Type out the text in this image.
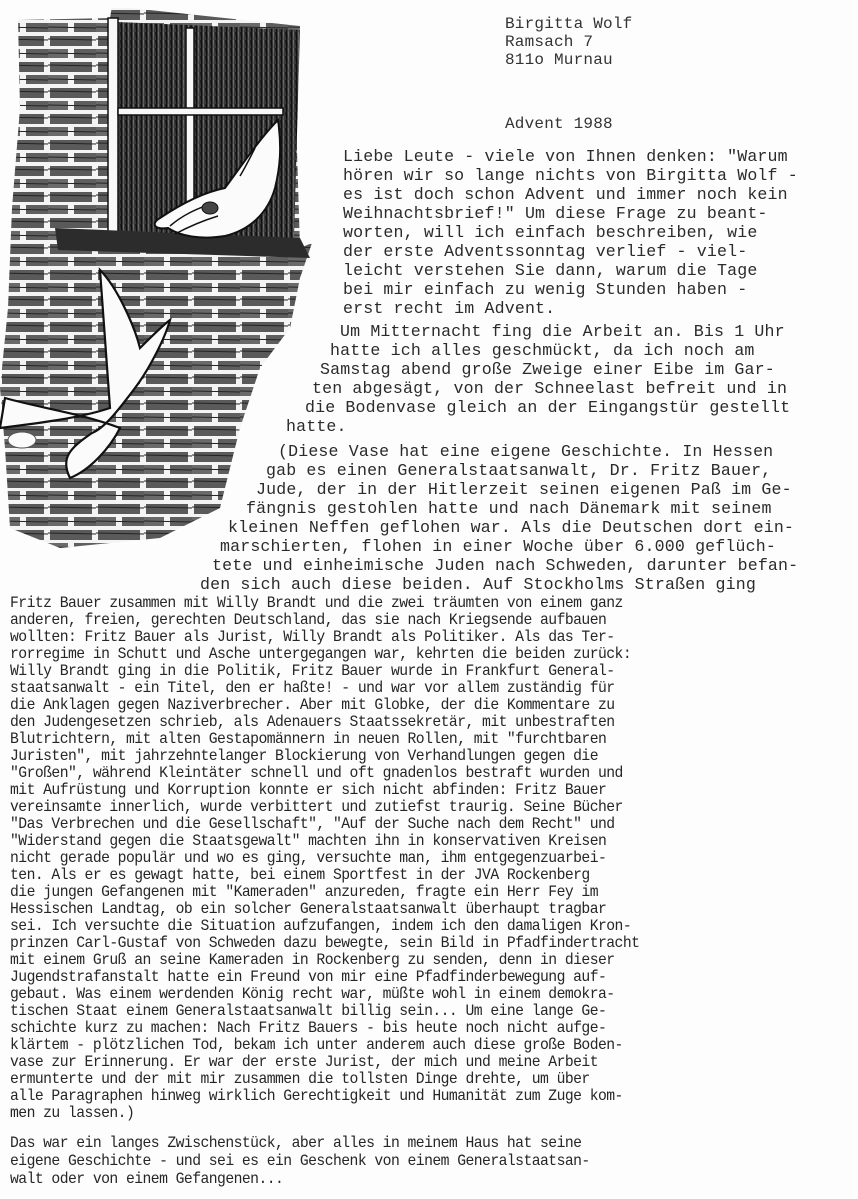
Birgitta Wolf
Ramsach 7
811o Murnau
Advent 1988
Liebe Leute - viele von Ihnen denken: "Warum
hören wir so lange nichts von Birgitta Wolf -
es ist doch schon Advent und immer noch kein
Weihnachtsbrief!" Um diese Frage zu beant-
worten, will ich einfach beschreiben, wie
der erste Adventssonntag verlief - viel-
leicht verstehen Sie dann, warum die Tage
bei mir einfach zu wenig Stunden haben -
erst recht im Advent.
Um Mitternacht fing die Arbeit an. Bis 1 Uhr
hatte ich alles geschmückt, da ich noch am
Samstag abend große Zweige einer Eibe im Gar-
ten abgesägt, von der Schneelast befreit und in
die Bodenvase gleich an der Eingangstür gestellt
hatte.
(Diese Vase hat eine eigene Geschichte. In Hessen
gab es einen Generalstaatsanwalt, Dr. Fritz Bauer,
Jude, der in der Hitlerzeit seinen eigenen Paß im Ge-
fängnis gestohlen hatte und nach Dänemark mit seinem
kleinen Neffen geflohen war. Als die Deutschen dort ein-
marschierten, flohen in einer Woche über 6.000 geflüch-
tete und einheimische Juden nach Schweden, darunter befan-
den sich auch diese beiden. Auf Stockholms Straßen ging
Fritz Bauer zusammen mit Willy Brandt und die zwei träumten von einem ganz
anderen, freien, gerechten Deutschland, das sie nach Kriegsende aufbauen
wollten: Fritz Bauer als Jurist, Willy Brandt als Politiker. Als das Ter-
rorregime in Schutt und Asche untergegangen war, kehrten die beiden zurück:
Willy Brandt ging in die Politik, Fritz Bauer wurde in Frankfurt General-
staatsanwalt - ein Titel, den er haßte! - und war vor allem zuständig für
die Anklagen gegen Naziverbrecher. Aber mit Globke, der die Kommentare zu
den Judengesetzen schrieb, als Adenauers Staatssekretär, mit unbestraften
Blutrichtern, mit alten Gestapomännern in neuen Rollen, mit "furchtbaren
Juristen", mit jahrzehntelanger Blockierung von Verhandlungen gegen die
"Großen", während Kleintäter schnell und oft gnadenlos bestraft wurden und
mit Aufrüstung und Korruption konnte er sich nicht abfinden: Fritz Bauer
vereinsamte innerlich, wurde verbittert und zutiefst traurig. Seine Bücher
"Das Verbrechen und die Gesellschaft", "Auf der Suche nach dem Recht" und
"Widerstand gegen die Staatsgewalt" machten ihn in konservativen Kreisen
nicht gerade populär und wo es ging, versuchte man, ihm entgegenzuarbei-
ten. Als er es gewagt hatte, bei einem Sportfest in der JVA Rockenberg
die jungen Gefangenen mit "Kameraden" anzureden, fragte ein Herr Fey im
Hessischen Landtag, ob ein solcher Generalstaatsanwalt überhaupt tragbar
sei. Ich versuchte die Situation aufzufangen, indem ich den damaligen Kron-
prinzen Carl-Gustaf von Schweden dazu bewegte, sein Bild in Pfadfindertracht
mit einem Gruß an seine Kameraden in Rockenberg zu senden, denn in dieser
Jugendstrafanstalt hatte ein Freund von mir eine Pfadfinderbewegung auf-
gebaut. Was einem werdenden König recht war, müßte wohl in einem demokra-
tischen Staat einem Generalstaatsanwalt billig sein... Um eine lange Ge-
schichte kurz zu machen: Nach Fritz Bauers - bis heute noch nicht aufge-
klärtem - plötzlichen Tod, bekam ich unter anderem auch diese große Boden-
vase zur Erinnerung. Er war der erste Jurist, der mich und meine Arbeit
ermunterte und der mit mir zusammen die tollsten Dinge drehte, um über
alle Paragraphen hinweg wirklich Gerechtigkeit und Humanität zum Zuge kom-
men zu lassen.)
Das war ein langes Zwischenstück, aber alles in meinem Haus hat seine
eigene Geschichte - und sei es ein Geschenk von einem Generalstaatsan-
walt oder von einem Gefangenen...
